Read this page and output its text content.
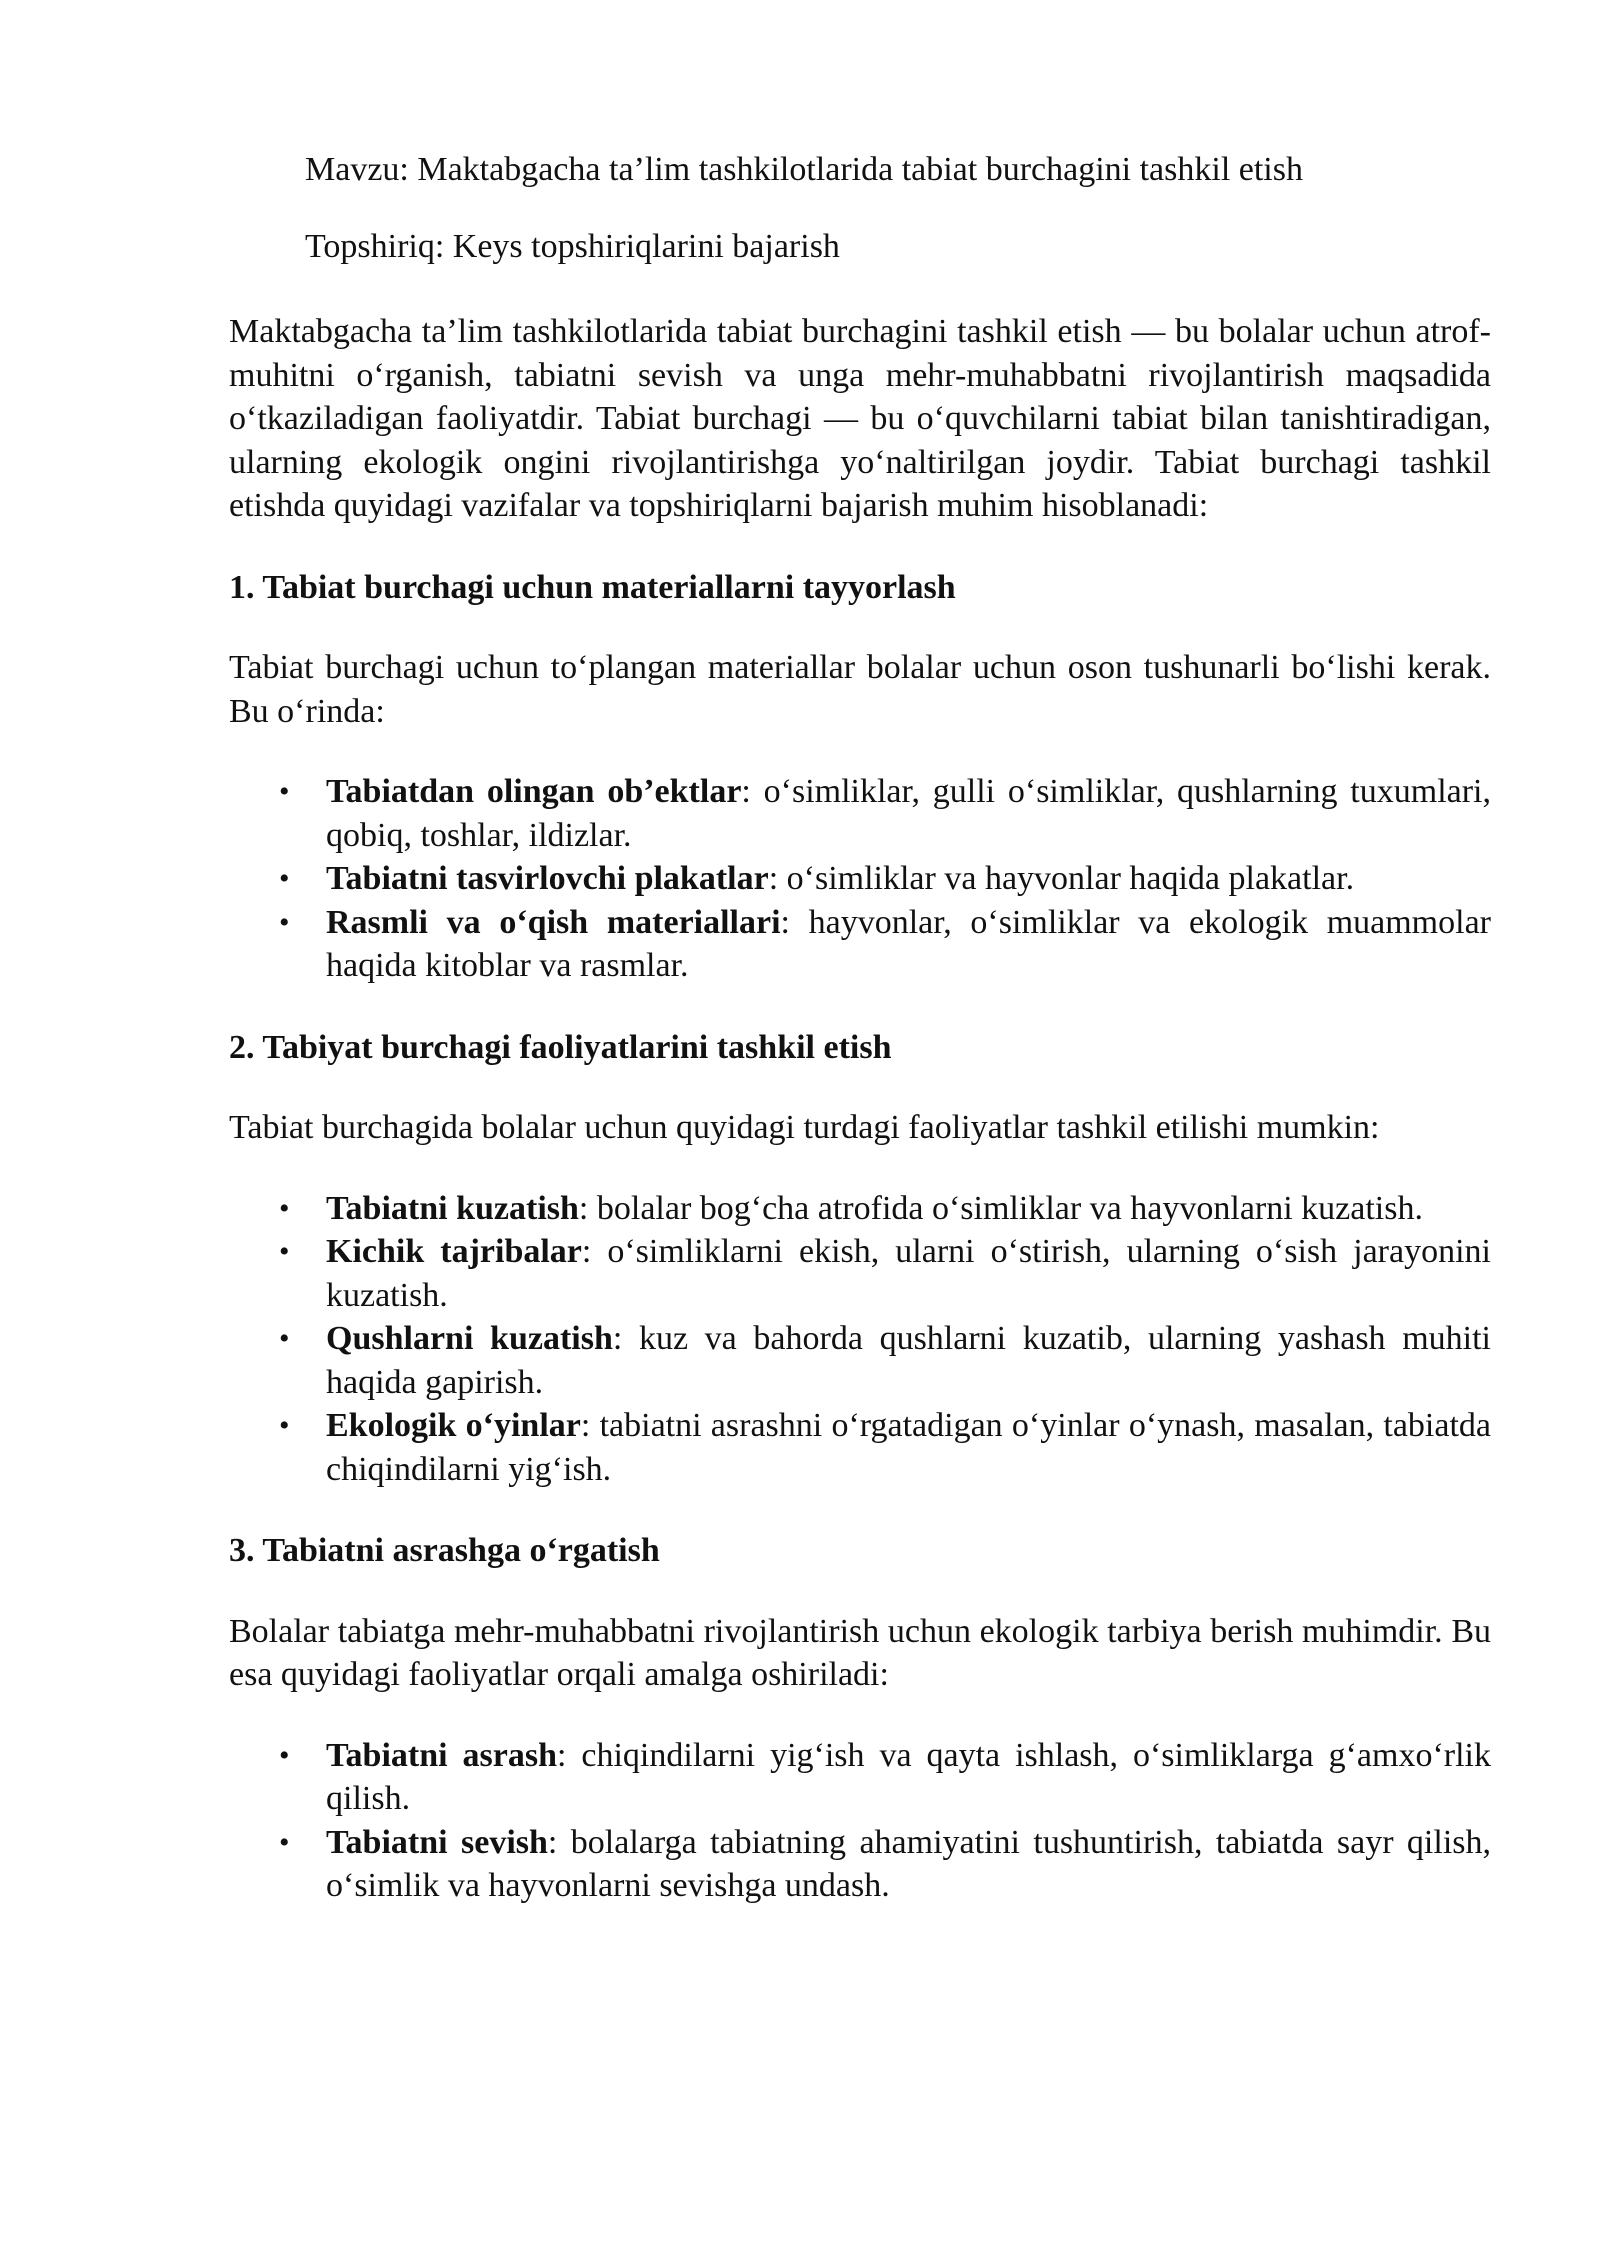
Mavzu: Maktabgacha ta’lim tashkilotlarida tabiat burchagini tashkil etish

Topshiriq: Keys topshiriqlarini bajarish

Maktabgacha ta’lim tashkilotlarida tabiat burchagini tashkil etish — bu bolalar uchun atrof-muhitni o‘rganish, tabiatni sevish va unga mehr-muhabbatni rivojlantirish maqsadida o‘tkaziladigan faoliyatdir. Tabiat burchagi — bu o‘quvchilarni tabiat bilan tanishtiradigan, ularning ekologik ongini rivojlantirishga yo‘naltirilgan joydir. Tabiat burchagi tashkil etishda quyidagi vazifalar va topshiriqlarni bajarish muhim hisoblanadi:

1. Tabiat burchagi uchun materiallarni tayyorlash

Tabiat burchagi uchun to‘plangan materiallar bolalar uchun oson tushunarli bo‘lishi kerak. Bu o‘rinda:

• Tabiatdan olingan ob’ektlar: o‘simliklar, gulli o‘simliklar, qushlarning tuxumlari, qobiq, toshlar, ildizlar.
• Tabiatni tasvirlovchi plakatlar: o‘simliklar va hayvonlar haqida plakatlar.
• Rasmli va o‘qish materiallari: hayvonlar, o‘simliklar va ekologik muammolar haqida kitoblar va rasmlar.
2. Tabiyat burchagi faoliyatlarini tashkil etish

Tabiat burchagida bolalar uchun quyidagi turdagi faoliyatlar tashkil etilishi mumkin:

• Tabiatni kuzatish: bolalar bog‘cha atrofida o‘simliklar va hayvonlarni kuzatish.
• Kichik tajribalar: o‘simliklarni ekish, ularni o‘stirish, ularning o‘sish jarayonini kuzatish.
• Qushlarni kuzatish: kuz va bahorda qushlarni kuzatib, ularning yashash muhiti haqida gapirish.
• Ekologik o‘yinlar: tabiatni asrashni o‘rgatadigan o‘yinlar o‘ynash, masalan, tabiatda chiqindilarni yig‘ish.
3. Tabiatni asrashga o‘rgatish

Bolalar tabiatga mehr-muhabbatni rivojlantirish uchun ekologik tarbiya berish muhimdir. Bu esa quyidagi faoliyatlar orqali amalga oshiriladi:

• Tabiatni asrash: chiqindilarni yig‘ish va qayta ishlash, o‘simliklarga g‘amxo‘rlik qilish.
• Tabiatni sevish: bolalarga tabiatning ahamiyatini tushuntirish, tabiatda sayr qilish, o‘simlik va hayvonlarni sevishga undash.
